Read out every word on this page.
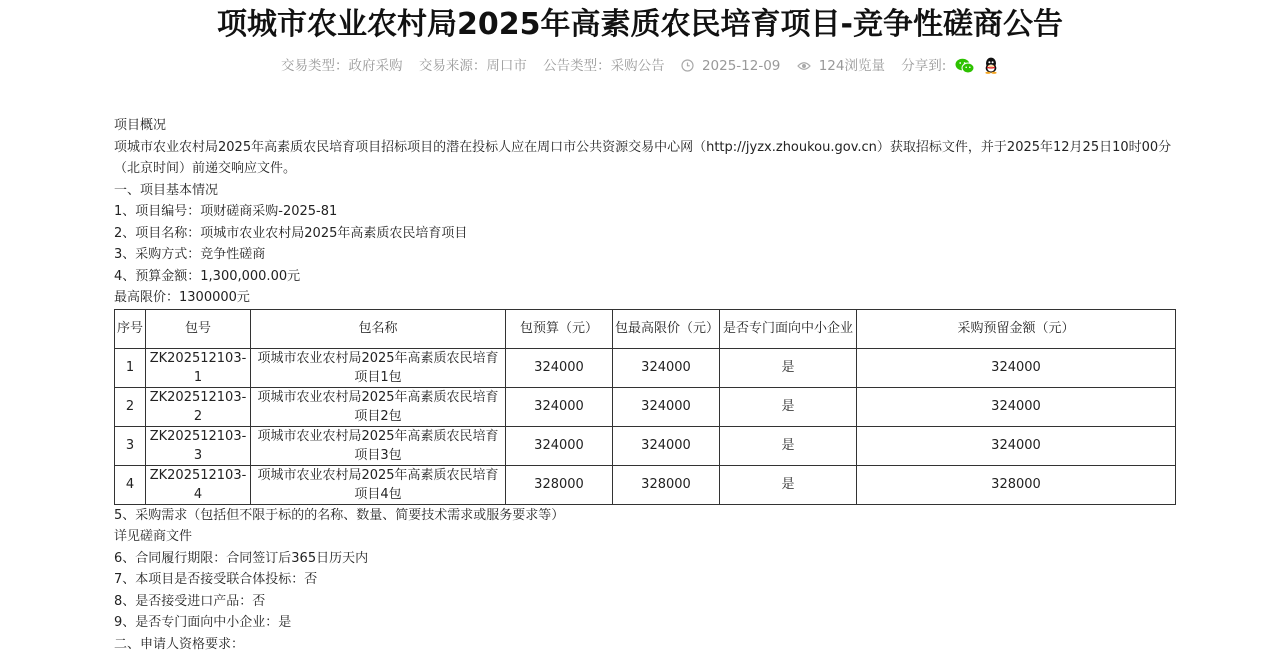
项城市农业农村局2025年高素质农民培育项目-竞争性磋商公告
交易类型：政府采购 交易来源：周口市 公告类型：采购公告	2025-12-09	124浏览量 分享到:

项目概况

项城市农业农村局2025年高素质农民培育项目招标项目的潜在投标人应在周口市公共资源交易中心网（http://jyzx.zhoukou.gov.cn）获取招标文件，并于2025年12月25日10时00分（北京时间）前递交响应文件。

一、项目基本情况

1、项目编号：项财磋商采购-2025-81

2、项目名称：项城市农业农村局2025年高素质农民培育项目

3、采购方式：竞争性磋商

4、预算金额：1,300,000.00元

最高限价：1300000元

序号	包号	包名称	包预算（元）	包最高限价（元）	是否专门面向中小企业	采购预留金额（元）
1	ZK202512103-1	项城市农业农村局2025年高素质农民培育项目1包	324000	324000	是	324000
2	ZK202512103-2	项城市农业农村局2025年高素质农民培育项目2包	324000	324000	是	324000
3	ZK202512103-3	项城市农业农村局2025年高素质农民培育项目3包	324000	324000	是	324000
4	ZK202512103-4	项城市农业农村局2025年高素质农民培育项目4包	328000	328000	是	328000

5、采购需求（包括但不限于标的的名称、数量、简要技术需求或服务要求等）

详见磋商文件

6、合同履行期限：合同签订后365日历天内

7、本项目是否接受联合体投标：否

8、是否接受进口产品：否

9、是否专门面向中小企业：是

二、申请人资格要求：
